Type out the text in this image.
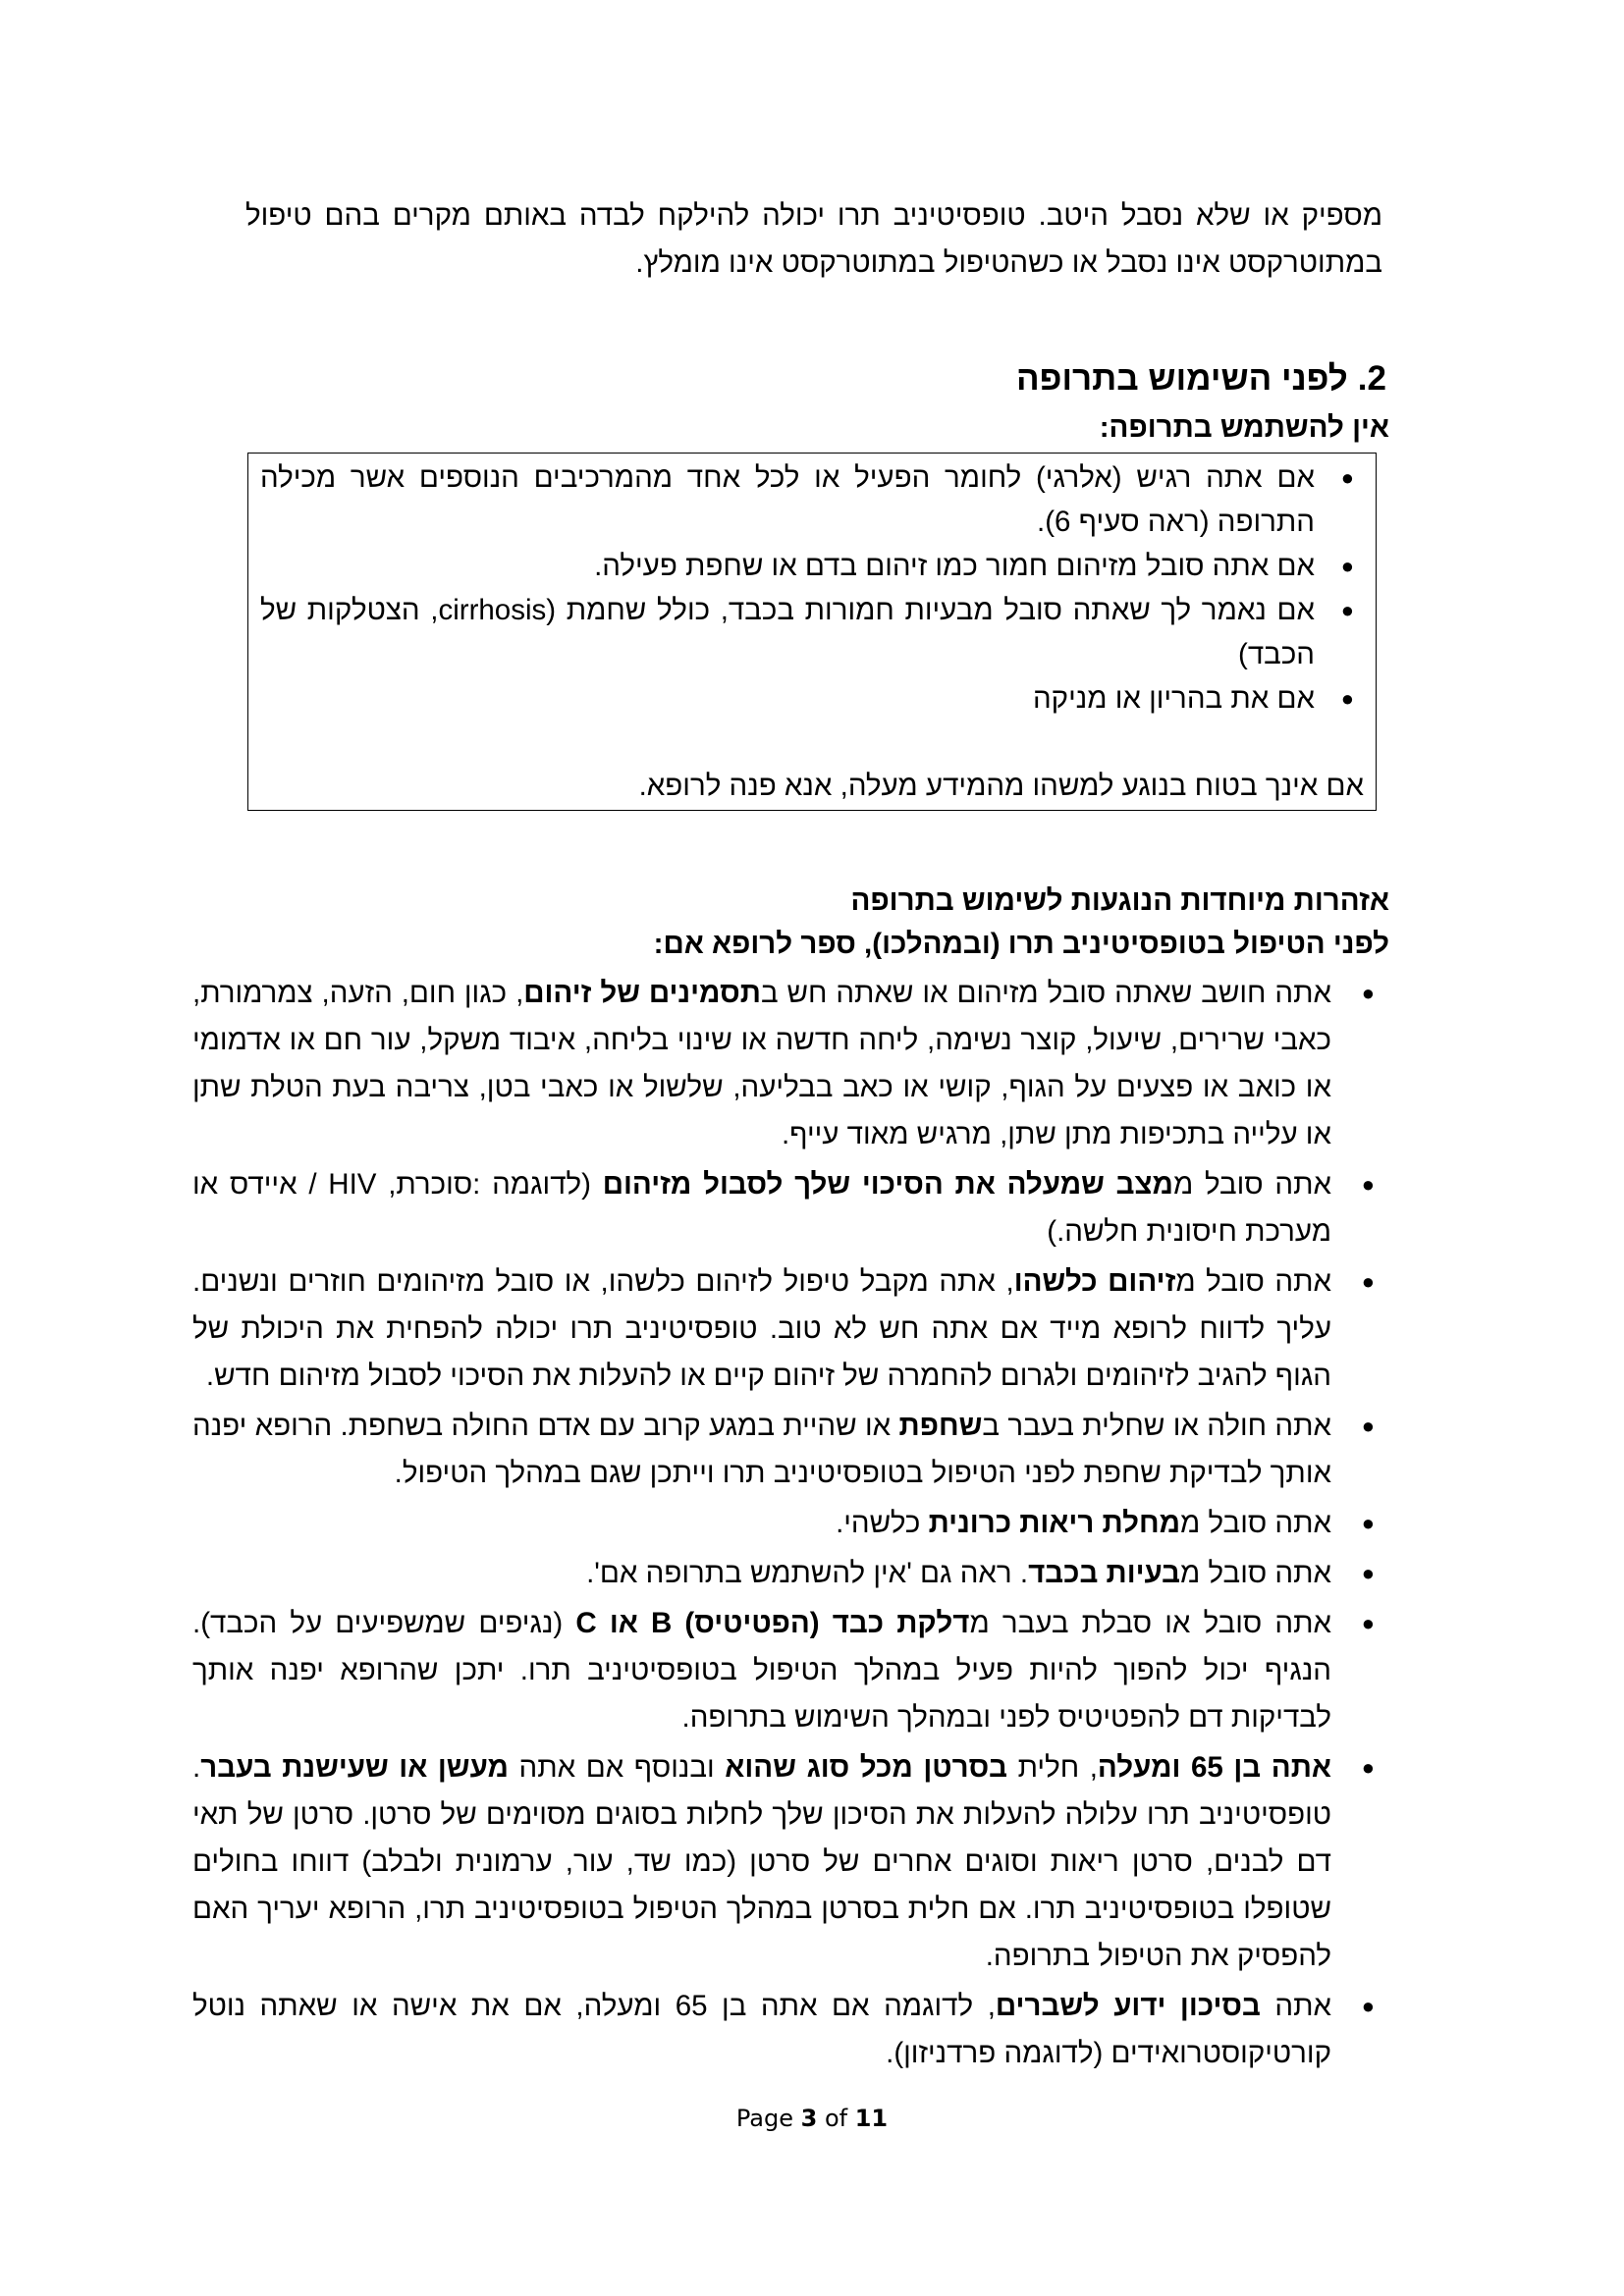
מספיק או שלא נסבל היטב. טופסיטיניב תרו יכולה להילקח לבדה באותם מקרים בהם טיפול במתוטרקסט אינו נסבל או כשהטיפול במתוטרקסט אינו מומלץ.

2.לפני השימוש בתרופה
אין להשתמש בתרופה:
●
אם אתה רגיש (אלרגי) לחומר הפעיל או לכל אחד מהמרכיבים הנוספים אשר מכילה התרופה (ראה סעיף 6).
●
אם אתה סובל מזיהום חמור כמו זיהום בדם או שחפת פעילה.
●
אם נאמר לך שאתה סובל מבעיות חמורות בכבד, כולל שחמת (cirrhosis, הצטלקות של הכבד)
●
אם את בהריון או מניקה
אם אינך בטוח בנוגע למשהו מהמידע מעלה, אנא פנה לרופא.
אזהרות מיוחדות הנוגעות לשימוש בתרופה
לפני הטיפול בטופסיטיניב תרו (ובמהלכו), ספר לרופא אם:
●
אתה חושב שאתה סובל מזיהום או שאתה חש בתסמינים של זיהום, כגון חום, הזעה, צמרמורת, כאבי שרירים, שיעול, קוצר נשימה, ליחה חדשה או שינוי בליחה, איבוד משקל, עור חם או אדמומי או כואב או פצעים על הגוף, קושי או כאב בבליעה, שלשול או כאבי בטן, צריבה בעת הטלת שתן או עלייה בתכיפות מתן שתן, מרגיש מאוד עייף.
●
אתה סובל ממצב שמעלה את הסיכוי שלך לסבול מזיהום (לדוגמה :סוכרת, HIV / איידס או מערכת חיסונית חלשה.)
●
אתה סובל מזיהום כלשהו, אתה מקבל טיפול לזיהום כלשהו, או סובל מזיהומים חוזרים ונשנים. עליך לדווח לרופא מייד אם אתה חש לא טוב. טופסיטיניב תרו יכולה להפחית את היכולת של הגוף להגיב לזיהומים ולגרום להחמרה של זיהום קיים או להעלות את הסיכוי לסבול מזיהום חדש.
●
אתה חולה או שחלית בעבר בשחפת או שהיית במגע קרוב עם אדם החולה בשחפת. הרופא יפנה אותך לבדיקת שחפת לפני הטיפול בטופסיטיניב תרו וייתכן שגם במהלך הטיפול.
●
אתה סובל ממחלת ריאות כרונית כלשהי.
●
אתה סובל מבעיות בכבד. ראה גם 'אין להשתמש בתרופה אם'.
●
אתה סובל או סבלת בעבר מדלקת כבד (הפטיטיס) B או C (נגיפים שמשפיעים על הכבד). הנגיף יכול להפוך להיות פעיל במהלך הטיפול בטופסיטיניב תרו. יתכן שהרופא יפנה אותך לבדיקות דם להפטיטיס לפני ובמהלך השימוש בתרופה.
●
אתה בן 65 ומעלה, חלית בסרטן מכל סוג שהוא ובנוסף אם אתה מעשן או שעישנת בעבר. טופסיטיניב תרו עלולה להעלות את הסיכון שלך לחלות בסוגים מסוימים של סרטן. סרטן של תאי דם לבנים, סרטן ריאות וסוגים אחרים של סרטן (כמו שד, עור, ערמונית ולבלב) דווחו בחולים שטופלו בטופסיטיניב תרו. אם חלית בסרטן במהלך הטיפול בטופסיטיניב תרו, הרופא יעריך האם להפסיק את הטיפול בתרופה.
●
אתה בסיכון ידוע לשברים, לדוגמה אם אתה בן 65 ומעלה, אם את אישה או שאתה נוטל קורטיקוסטרואידים (לדוגמה פרדניזון).
Page 3 of 11
